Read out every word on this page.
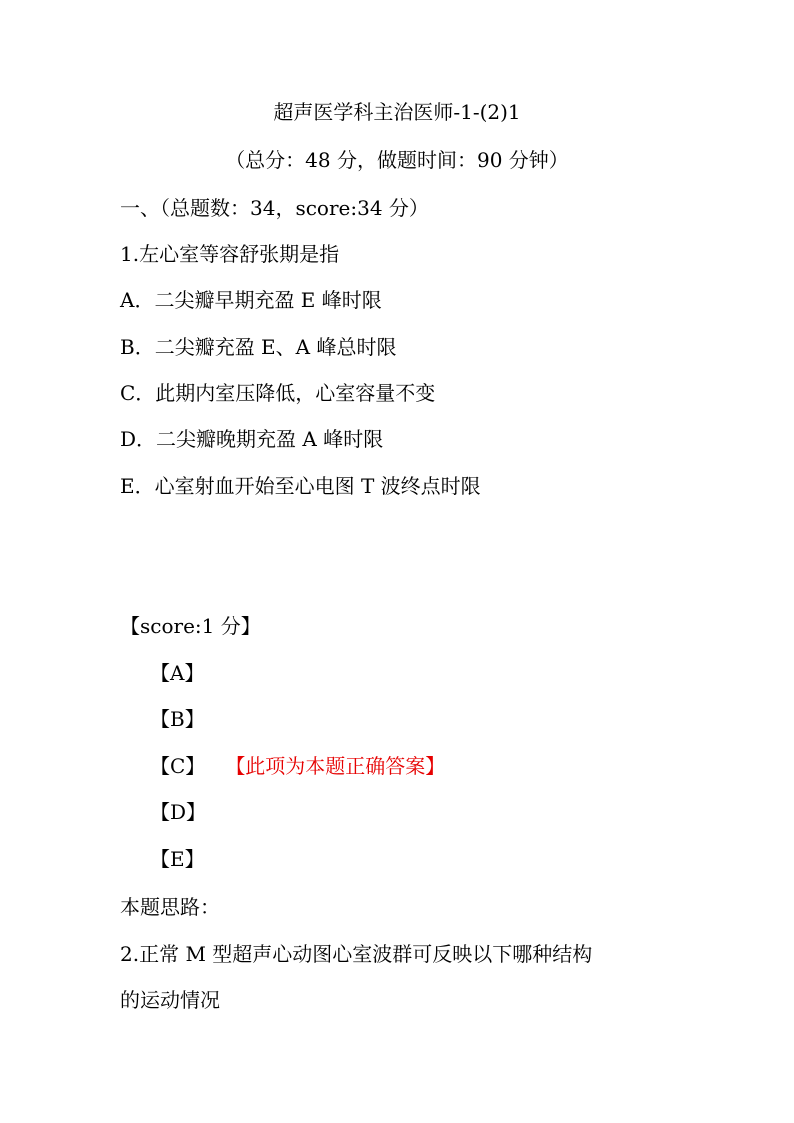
超声医学科主治医师-1-(2)1
（总分：48 分，做题时间：90 分钟）
一、（总题数：34，score:34 分）
1.左心室等容舒张期是指
A．二尖瓣早期充盈 E 峰时限
B．二尖瓣充盈 E、A 峰总时限
C．此期内室压降低，心室容量不变
D．二尖瓣晚期充盈 A 峰时限
E．心室射血开始至心电图 T 波终点时限
【score:1 分】
【A】
【B】
【C】 【此项为本题正确答案】
【D】
【E】
本题思路：
2.正常 M 型超声心动图心室波群可反映以下哪种结构
的运动情况
